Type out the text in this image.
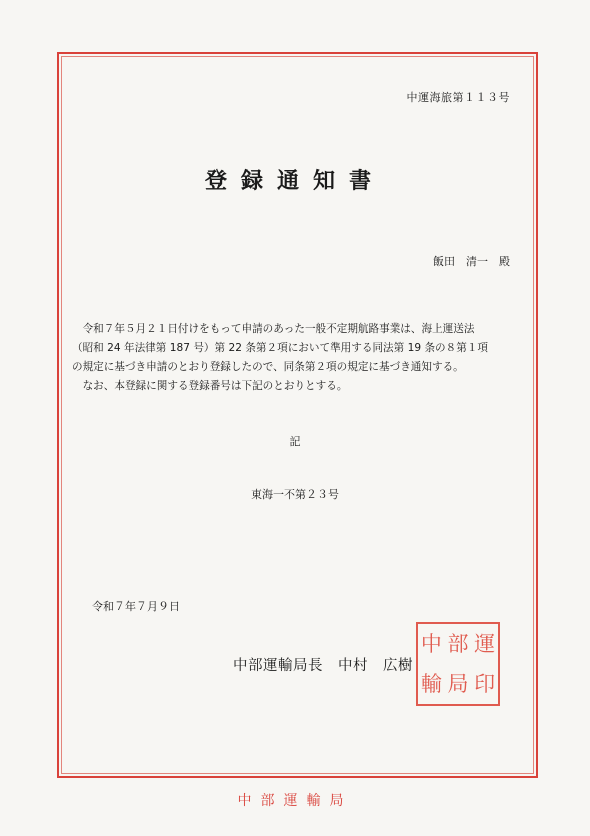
中運海旅第１１３号
登録通知書
飯田　清一　殿

　令和７年５月２１日付けをもって申請のあった一般不定期航路事業は、海上運送法

（昭和 24 年法律第 187 号）第 22 条第２項において準用する同法第 19 条の８第１項

の規定に基づき申請のとおり登録したので、同条第２項の規定に基づき通知する。

　なお、本登録に関する登録番号は下記のとおりとする。

記
東海一不第２３号
令和７年７月９日
中部運輸局長　中村　広樹
中 部 運
輸 局 印
中部運輸局
